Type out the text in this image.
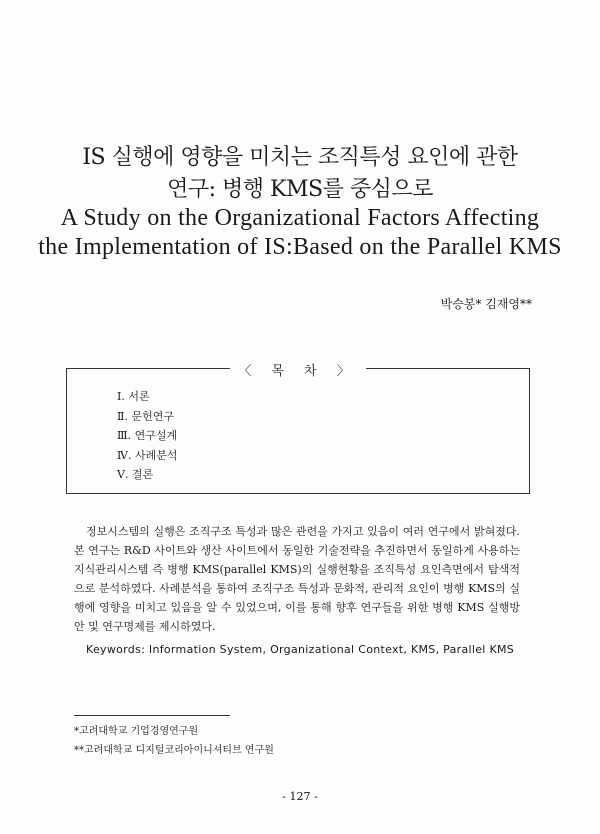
IS 실행에 영향을 미치는 조직특성 요인에 관한
연구: 병행 KMS를 중심으로
A Study on the Organizational Factors Affecting
the Implementation of IS:Based on the Parallel KMS
박승봉* 김재영**
〈 목 차 〉
Ⅰ. 서론
Ⅱ. 문헌연구
Ⅲ. 연구설계
Ⅳ. 사례분석
Ⅴ. 결론

정보시스템의 실행은 조직구조 특성과 많은 관련을 가지고 있음이 여러 연구에서 밝혀졌다. 본 연구는 R&D 사이트와 생산 사이트에서 동일한 기술전략을 추진하면서 동일하게 사용하는 지식관리시스템 즉 병행 KMS(parallel KMS)의 실행현황을 조직특성 요인측면에서 탐색적으로 분석하였다. 사례분석을 통하여 조직구조 특성과 문화적, 관리적 요인이 병행 KMS의 실행에 영향을 미치고 있음을 알 수 있었으며, 이를 통해 향후 연구들을 위한 병행 KMS 실행방안 및 연구명제를 제시하였다.

Keywords: Information System, Organizational Context, KMS, Parallel KMS
*고려대학교 기업경영연구원
**고려대학교 디지털코리아이니셔티브 연구원
- 127 -
